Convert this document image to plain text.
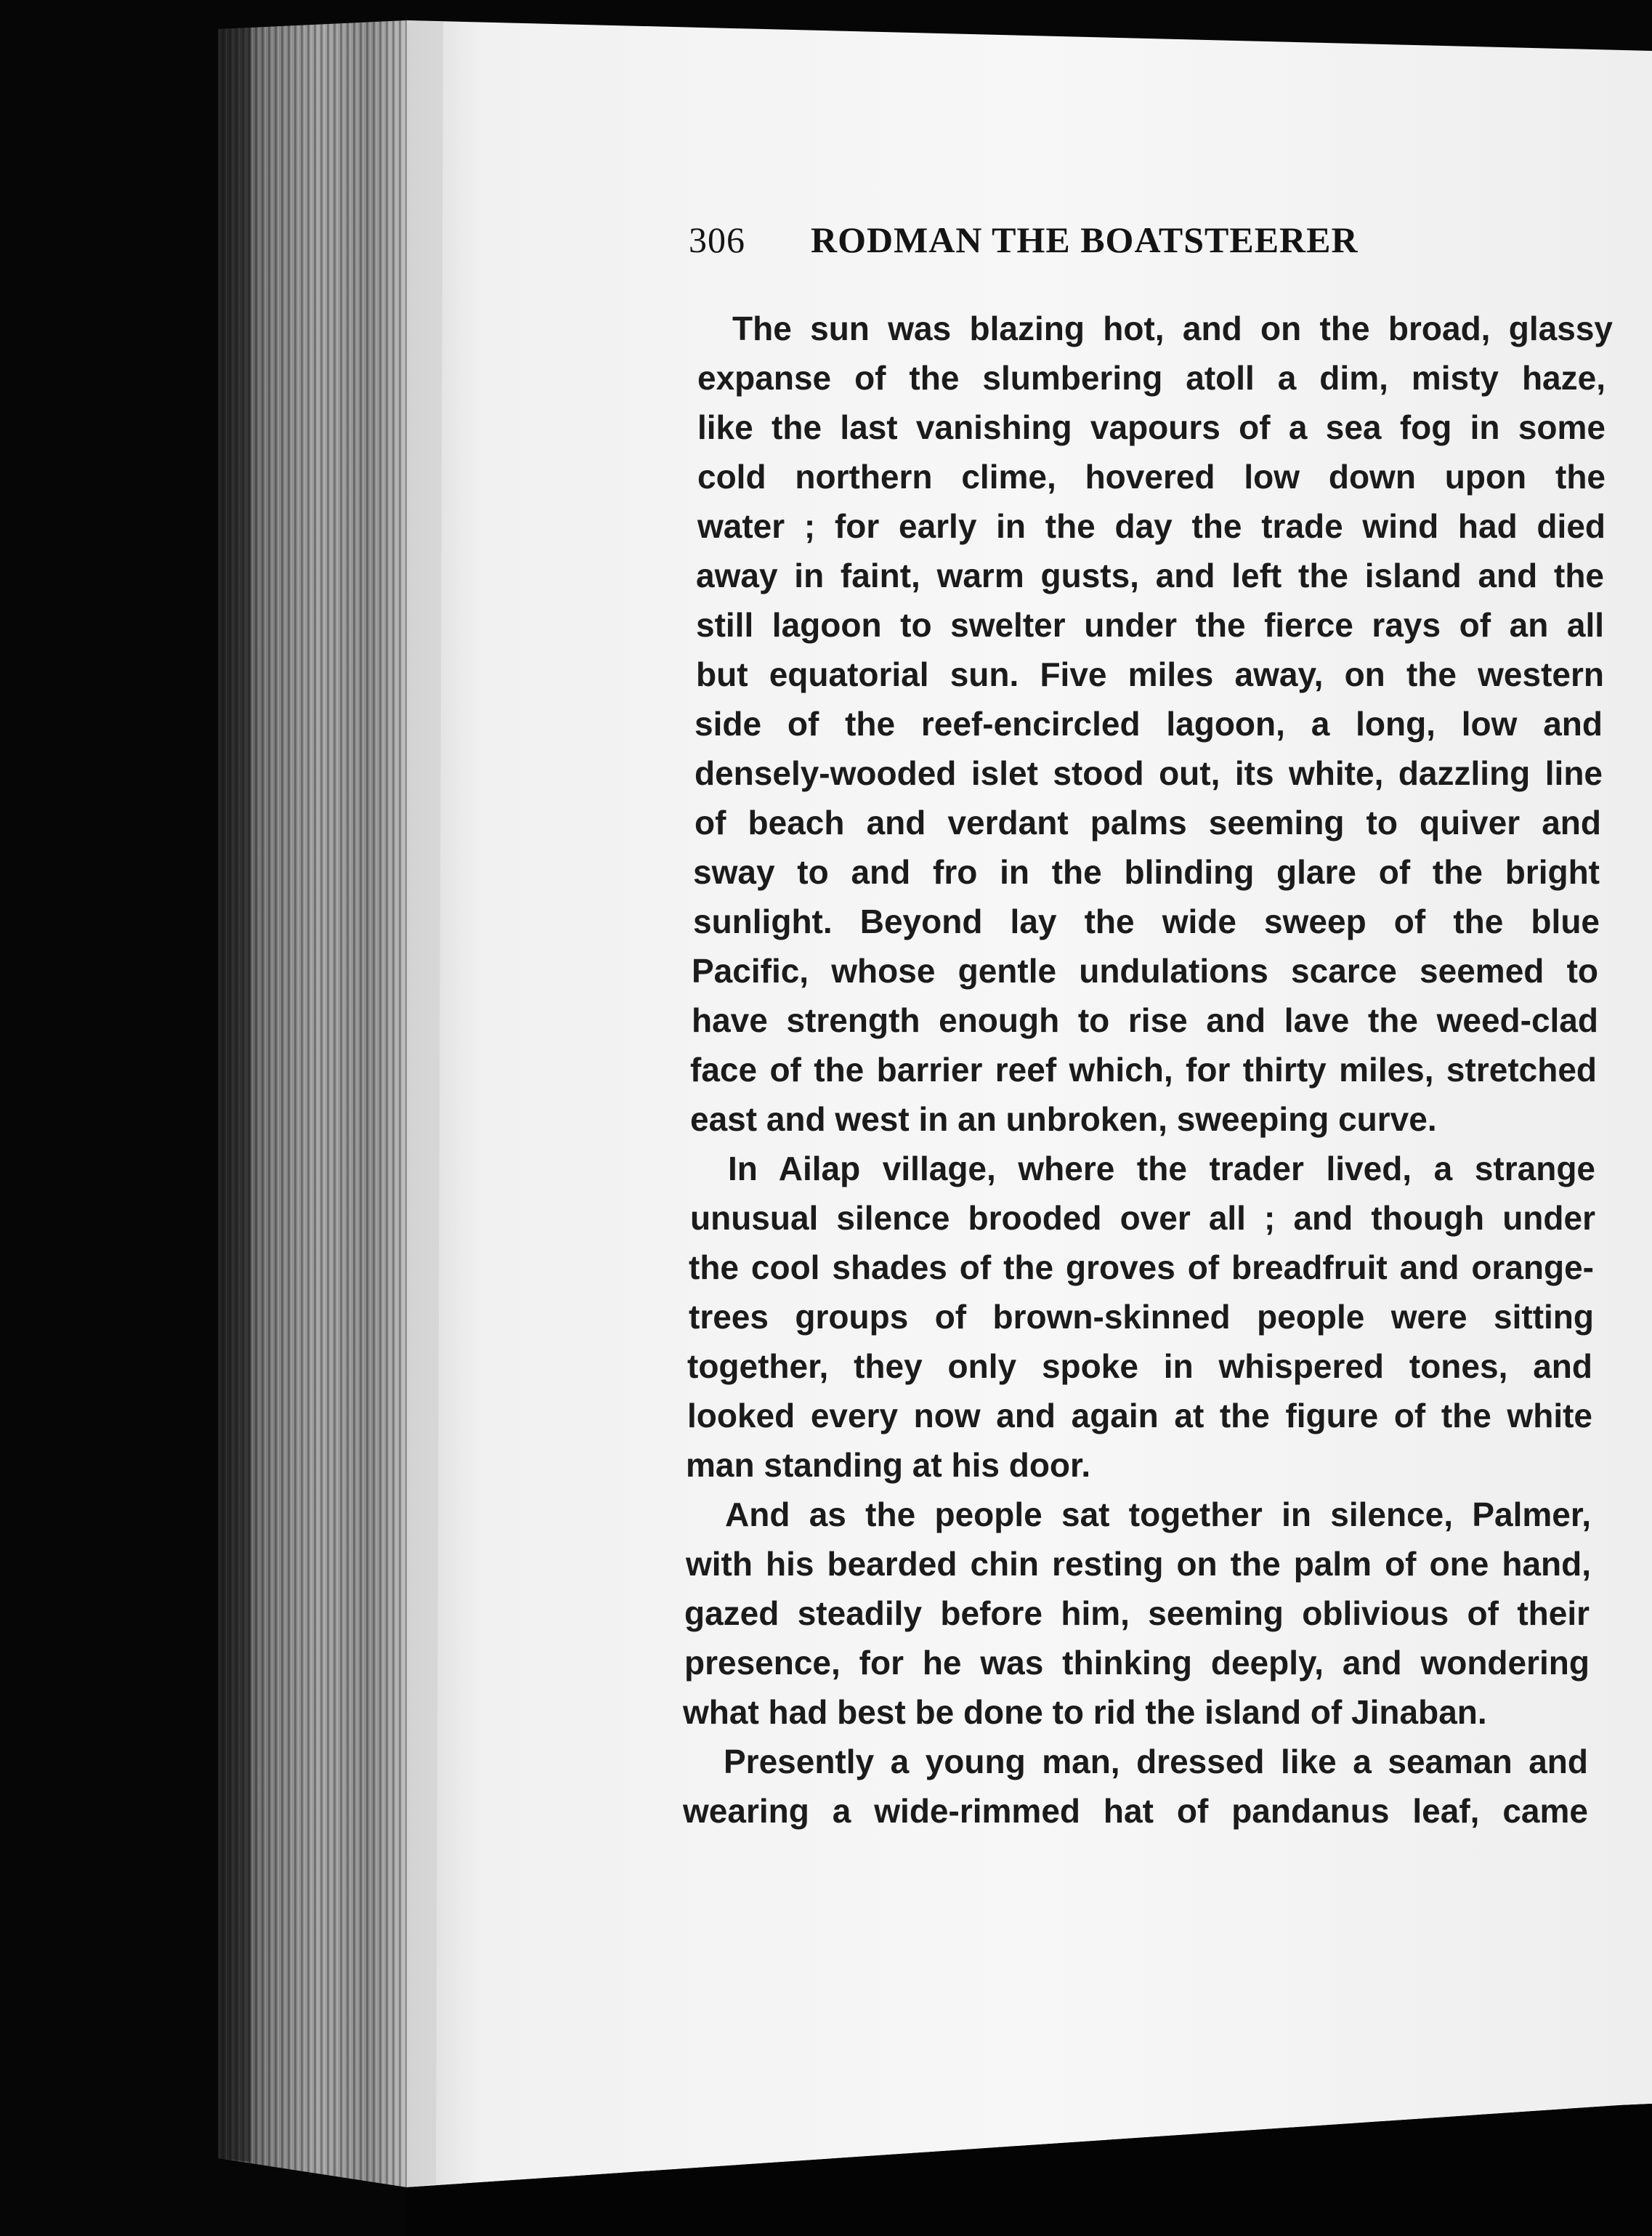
306 RODMAN THE BOATSTEERER
The sun was blazing hot, and on the broad, glassy
expanse of the slumbering atoll a dim, misty haze,
like the last vanishing vapours of a sea fog in some
cold northern clime, hovered low down upon the
water ; for early in the day the trade wind had died
away in faint, warm gusts, and left the island and the
still lagoon to swelter under the fierce rays of an all
but equatorial sun. Five miles away, on the western
side of the reef-encircled lagoon, a long, low and
densely-wooded islet stood out, its white, dazzling line
of beach and verdant palms seeming to quiver and
sway to and fro in the blinding glare of the bright
sunlight. Beyond lay the wide sweep of the blue
Pacific, whose gentle undulations scarce seemed to
have strength enough to rise and lave the weed-clad
face of the barrier reef which, for thirty miles, stretched
east and west in an unbroken, sweeping curve.
In Ailap village, where the trader lived, a strange
unusual silence brooded over all ; and though under
the cool shades of the groves of breadfruit and orange-
trees groups of brown-skinned people were sitting
together, they only spoke in whispered tones, and
looked every now and again at the figure of the white
man standing at his door.
And as the people sat together in silence, Palmer,
with his bearded chin resting on the palm of one hand,
gazed steadily before him, seeming oblivious of their
presence, for he was thinking deeply, and wondering
what had best be done to rid the island of Jinaban.
Presently a young man, dressed like a seaman and
wearing a wide-rimmed hat of pandanus leaf, came
